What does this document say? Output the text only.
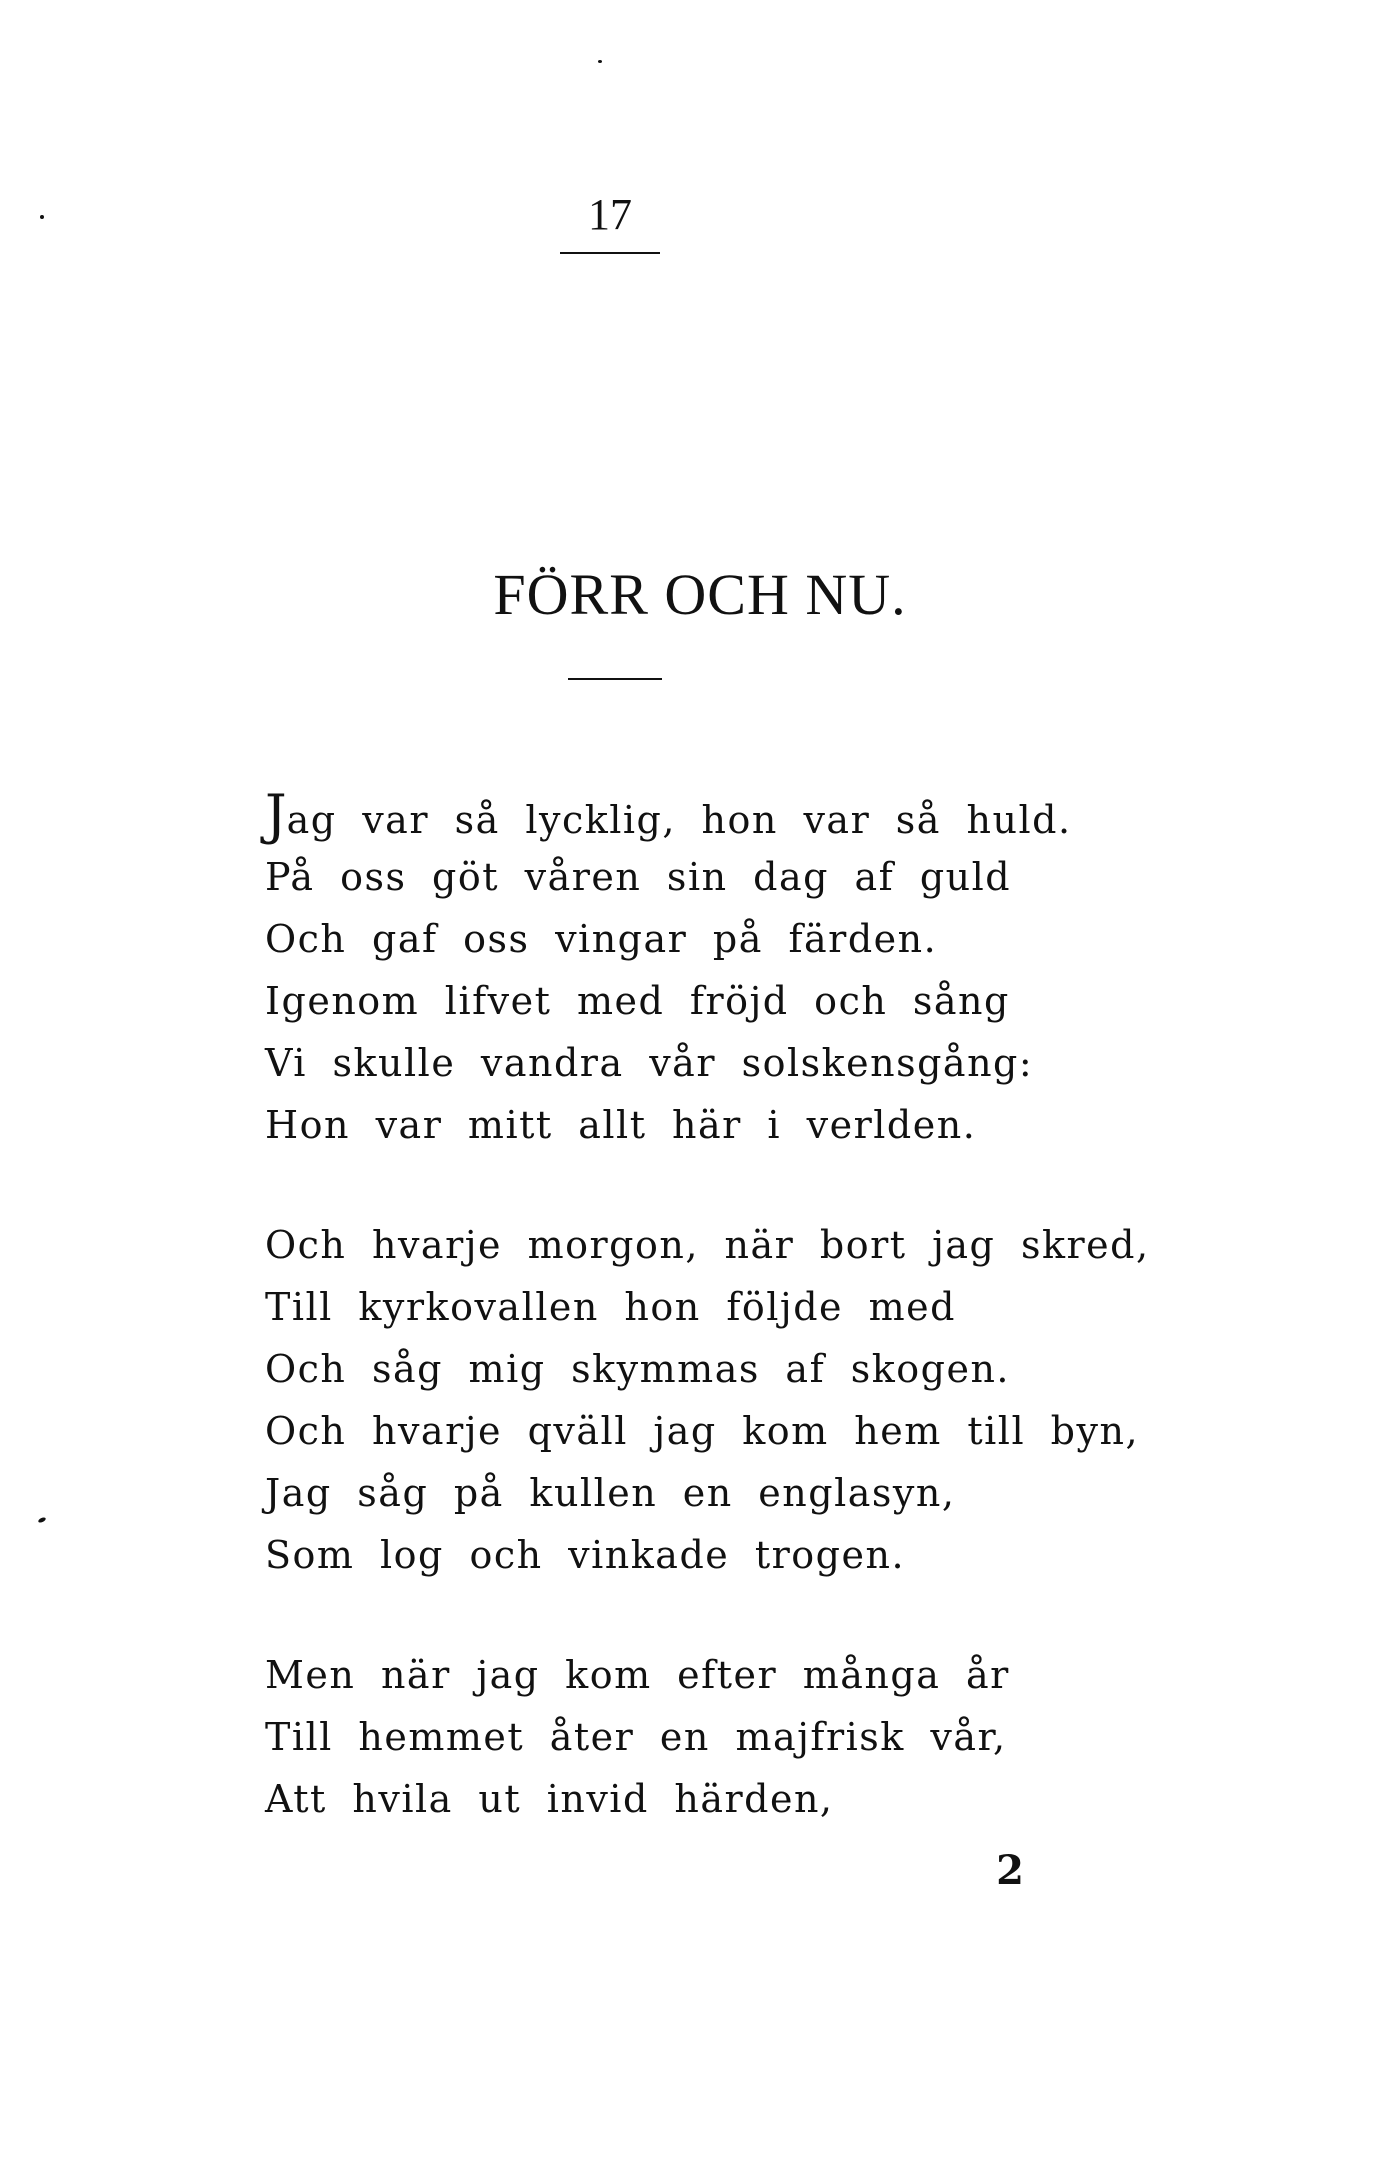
17
FÖRR OCH NU.
Jag var så lycklig, hon var så huld.
På oss göt våren sin dag af guld
Och gaf oss vingar på färden.
Igenom lifvet med fröjd och sång
Vi skulle vandra vår solskensgång:
Hon var mitt allt här i verlden.
Och hvarje morgon, när bort jag skred,
Till kyrkovallen hon följde med
Och såg mig skymmas af skogen.
Och hvarje qväll jag kom hem till byn,
Jag såg på kullen en englasyn,
Som log och vinkade trogen.
Men när jag kom efter många år
Till hemmet åter en majfrisk vår,
Att hvila ut invid härden,
2
